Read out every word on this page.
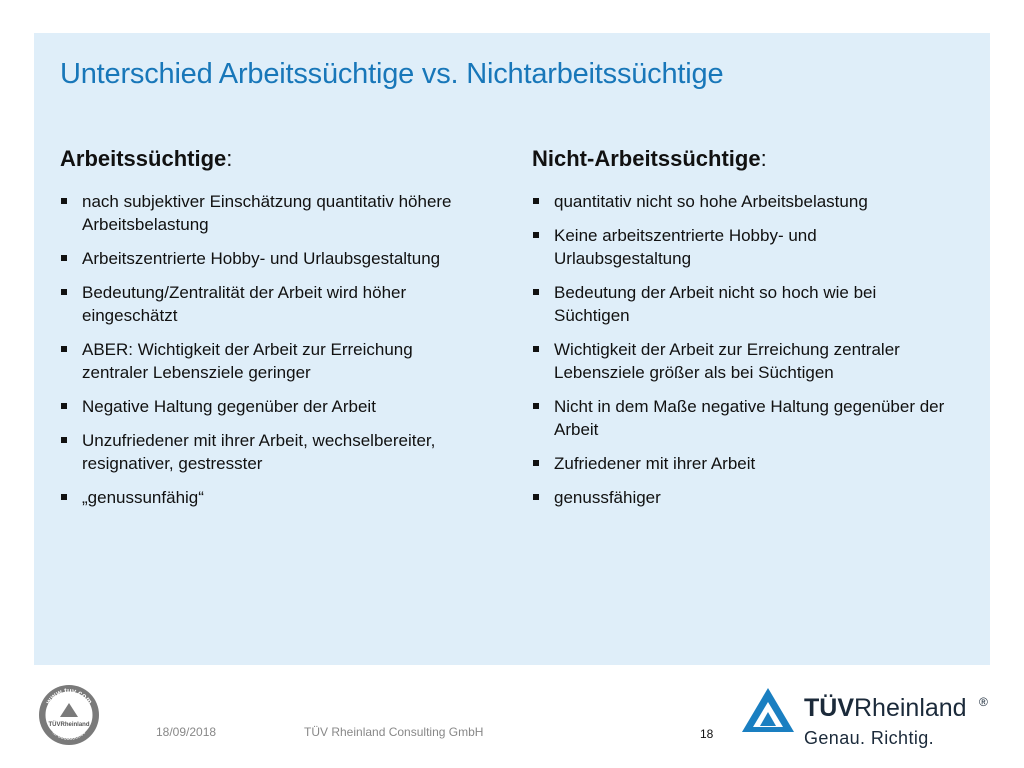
Unterschied Arbeitssüchtige vs. Nichtarbeitssüchtige
Arbeitssüchtige:
nach subjektiver Einschätzung quantitativ höhere Arbeitsbelastung
Arbeitszentrierte Hobby- und Urlaubsgestaltung
Bedeutung/Zentralität der Arbeit wird höher eingeschätzt
ABER: Wichtigkeit der Arbeit zur Erreichung zentraler Lebensziele geringer
Negative Haltung gegenüber der Arbeit
Unzufriedener mit ihrer Arbeit, wechselbereiter, resignativer, gestresster
„genussunfähig“
Nicht-Arbeitssüchtige:
quantitativ nicht so hohe Arbeitsbelastung
Keine arbeitszentrierte Hobby- und Urlaubsgestaltung
Bedeutung der Arbeit nicht so hoch wie bei Süchtigen
Wichtigkeit der Arbeit zur Erreichung zentraler Lebensziele größer als bei Süchtigen
Nicht in dem Maße negative Haltung gegenüber der Arbeit
Zufriedener mit ihrer Arbeit
genussfähiger
www.tuv.com
ID 0000000000
TÜVRheinland	18/09/2018	TÜV Rheinland Consulting GmbH	18
TÜVRheinland ®
Genau. Richtig.
